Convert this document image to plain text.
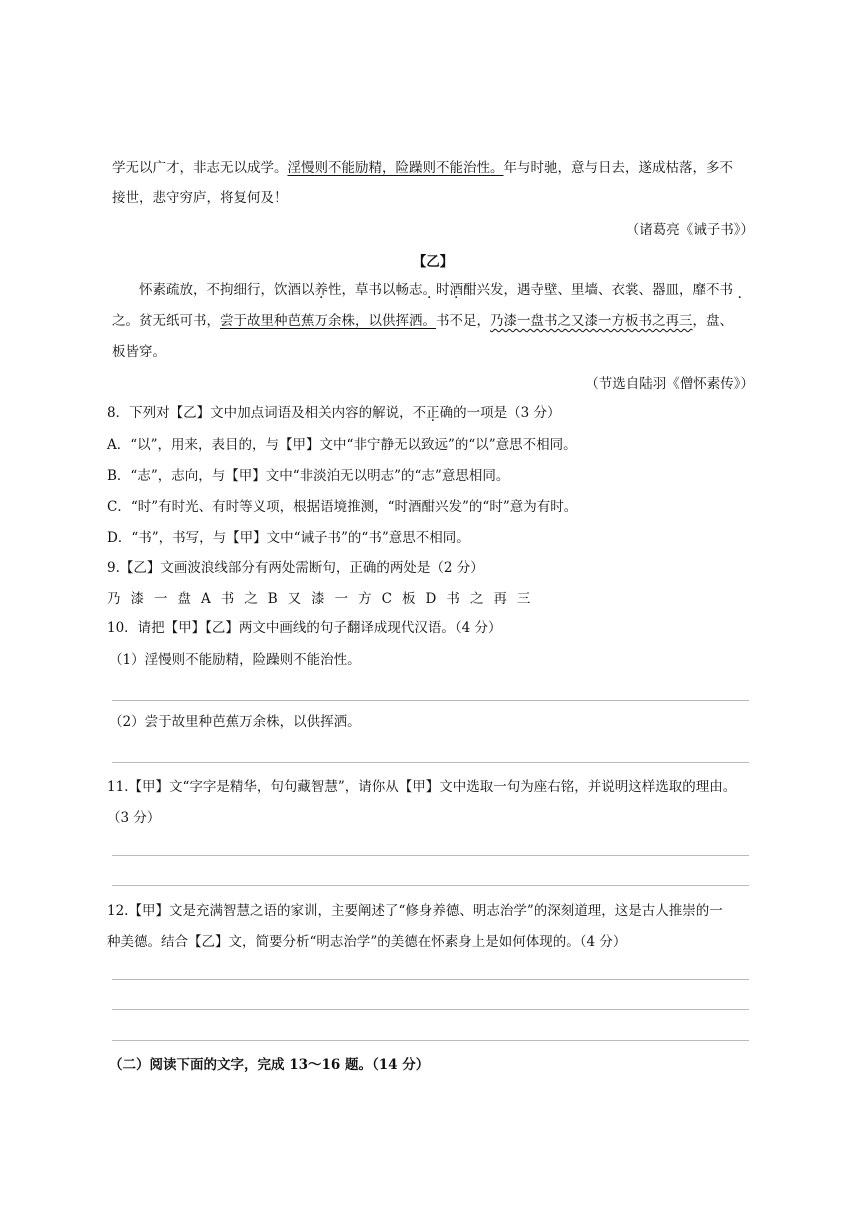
学无以广才，非志无以成学。淫慢则不能励精，险躁则不能治性。年与时驰，意与日去，遂成枯落，多不

接世，悲守穷庐，将复何及！

（诸葛亮《诫子书》）

【乙】

怀素疏放，不拘细行，饮酒以养性，草书以畅志。时酒酣兴发，遇寺壁、里墙、衣裳、器皿，靡不书

之。贫无纸可书，尝于故里种芭蕉万余株，以供挥洒。书不足，乃漆一盘书之又漆一方板书之再三，盘、

板皆穿。

（节选自陆羽《僧怀素传》）

8．下列对【乙】文中加点词语及相关内容的解说，不正确的一项是（3 分）

A．“以”，用来，表目的，与【甲】文中“非宁静无以致远”的“以”意思不相同。

B．“志”，志向，与【甲】文中“非淡泊无以明志”的“志”意思相同。

C．“时”有时光、有时等义项，根据语境推测，“时酒酣兴发”的“时”意为有时。

D．“书”，书写，与【甲】文中“诫子书”的“书”意思不相同。

9.【乙】文画波浪线部分有两处需断句，正确的两处是（2 分）

乃漆一盘A书之B又漆一方C板D书之再三

10．请把【甲】【乙】两文中画线的句子翻译成现代汉语。（4 分）

（1）淫慢则不能励精，险躁则不能治性。

（2）尝于故里种芭蕉万余株，以供挥洒。

11.【甲】文“字字是精华，句句藏智慧”，请你从【甲】文中选取一句为座右铭，并说明这样选取的理由。

（3 分）

12.【甲】文是充满智慧之语的家训，主要阐述了“修身养德、明志治学”的深刻道理，这是古人推崇的一

种美德。结合【乙】文，简要分析“明志治学”的美德在怀素身上是如何体现的。（4 分）

（二）阅读下面的文字，完成 13～16 题。（14 分）
